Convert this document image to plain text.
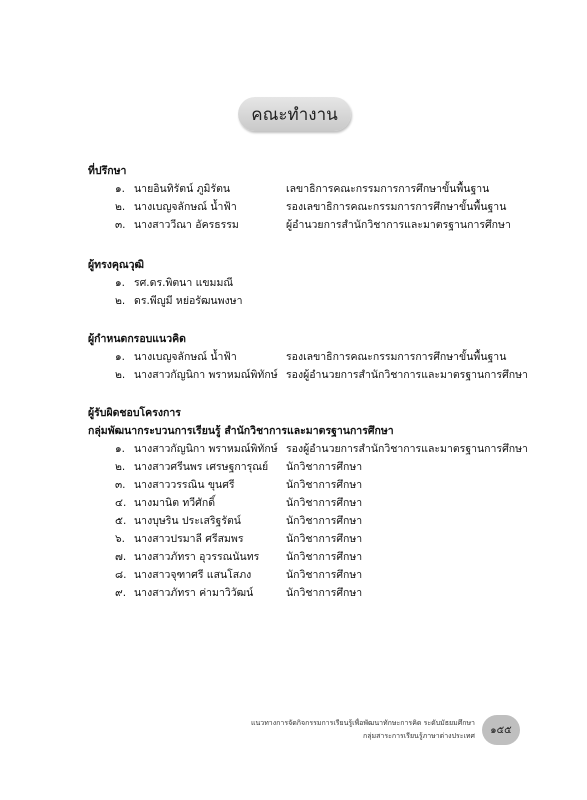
คณะทำงาน
ที่ปรึกษา
๑. นายอินทิรัตน์ ภูมิรัตน	เลขาธิการคณะกรรมการการศึกษาขั้นพื้นฐาน
๒. นางเบญจลักษณ์ น้ำฟ้า	รองเลขาธิการคณะกรรมการการศึกษาขั้นพื้นฐาน
๓. นางสาววีณา อัครธรรม	ผู้อำนวยการสำนักวิชาการและมาตรฐานการศึกษา
ผู้ทรงคุณวุฒิ
๑. รศ.ดร.พิตนา แขมมณี
๒. ดร.พีญูมี หย่อรัฒนพงษา
ผู้กำหนดกรอบแนวคิด
๑. นางเบญจลักษณ์ น้ำฟ้า	รองเลขาธิการคณะกรรมการการศึกษาขั้นพื้นฐาน
๒. นางสาวกัญนิกา พราหมณ์พิทักษ์ รองผู้อำนวยการสำนักวิชาการและมาตรฐานการศึกษา
ผู้รับผิดชอบโครงการ
กลุ่มพัฒนากระบวนการเรียนรู้ สำนักวิชาการและมาตรฐานการศึกษา
๑. นางสาวกัญนิกา พราหมณ์พิทักษ์ รองผู้อำนวยการสำนักวิชาการและมาตรฐานการศึกษา
๒. นางสาวศรีนพร เศรษฐการุณย์ นักวิชาการศึกษา
๓. นางสาววรรณิน ขุนศรี	นักวิชาการศึกษา
๔. นางมานิต ทวีศักดิ์	นักวิชาการศึกษา
๕. นางบุษริน ประเสริฐรัตน์	นักวิชาการศึกษา
๖. นางสาวปรมาลี ศรีสมพร	นักวิชาการศึกษา
๗. นางสาวภัทรา อุวรรณนันทร	นักวิชาการศึกษา
๘. นางสาวจุฑาศรี แสนโสภง	นักวิชาการศึกษา
๙. นางสาวภัทรา ค่ามาวิวัฒน์	นักวิชาการศึกษา
แนวทางการจัดกิจกรรมการเรียนรู้เพื่อพัฒนาทักษะการคิด ระดับมัธยมศึกษา
กลุ่มสาระการเรียนรู้ภาษาต่างประเทศ
๑๕๕
